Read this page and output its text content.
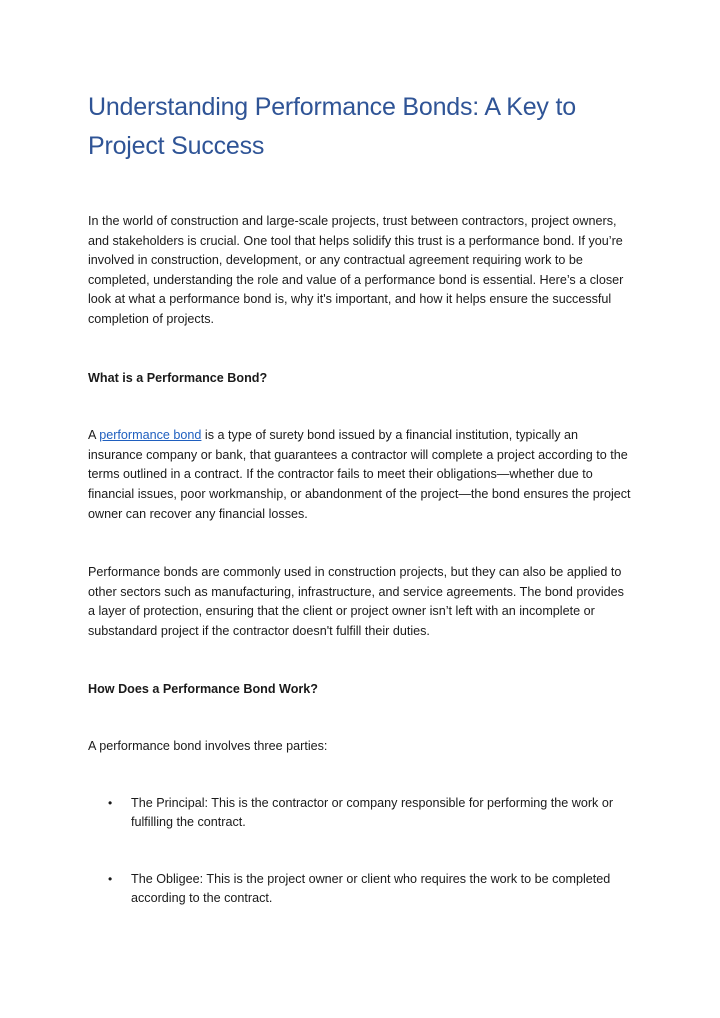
Understanding Performance Bonds: A Key to Project Success

In the world of construction and large-scale projects, trust between contractors, project owners, and stakeholders is crucial. One tool that helps solidify this trust is a performance bond. If you’re involved in construction, development, or any contractual agreement requiring work to be completed, understanding the role and value of a performance bond is essential. Here’s a closer look at what a performance bond is, why it's important, and how it helps ensure the successful completion of projects.

What is a Performance Bond?

A performance bond is a type of surety bond issued by a financial institution, typically an insurance company or bank, that guarantees a contractor will complete a project according to the terms outlined in a contract. If the contractor fails to meet their obligations—whether due to financial issues, poor workmanship, or abandonment of the project—the bond ensures the project owner can recover any financial losses.

Performance bonds are commonly used in construction projects, but they can also be applied to other sectors such as manufacturing, infrastructure, and service agreements. The bond provides a layer of protection, ensuring that the client or project owner isn’t left with an incomplete or substandard project if the contractor doesn't fulfill their duties.

How Does a Performance Bond Work?

A performance bond involves three parties:

• The Principal: This is the contractor or company responsible for performing the work or fulfilling the contract.
• The Obligee: This is the project owner or client who requires the work to be completed according to the contract.
